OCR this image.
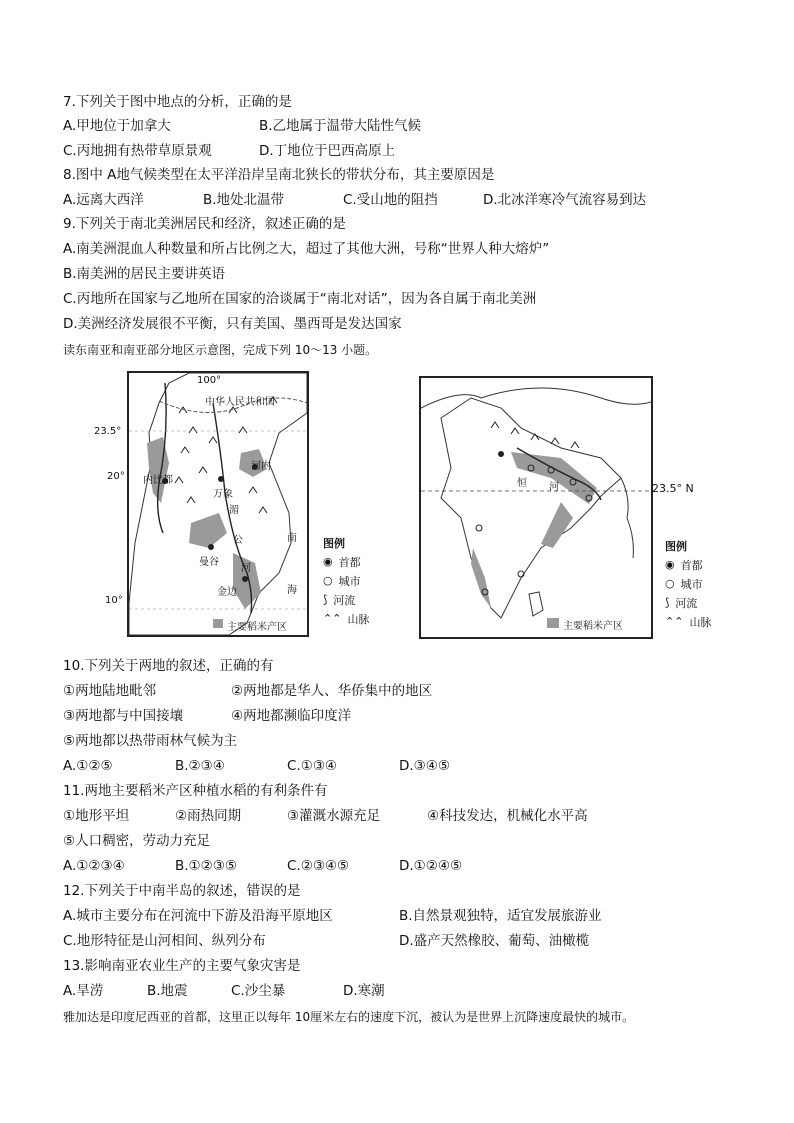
7.下列关于图中地点的分析，正确的是
A.甲地位于加拿大	B.乙地属于温带大陆性气候
C.丙地拥有热带草原景观	D.丁地位于巴西高原上
8.图中 A地气候类型在太平洋沿岸呈南北狭长的带状分布，其主要原因是
A.远离大西洋	B.地处北温带	C.受山地的阻挡	D.北冰洋寒冷气流容易到达
9.下列关于南北美洲居民和经济，叙述正确的是
A.南美洲混血人种数量和所占比例之大，超过了其他大洲，号称“世界人种大熔炉”
B.南美洲的居民主要讲英语
C.丙地所在国家与乙地所在国家的洽谈属于“南北对话”，因为各自属于南北美洲
D.美洲经济发展很不平衡，只有美国、墨西哥是发达国家
读东南亚和南亚部分地区示意图，完成下列 10～13 小题。
100°
中华人民共和国
河内
内比都
万象
湄
公
河
曼谷
金边
南
海
主要稻米产区
23.5°
20°
10°
图例
◉ 首都
○ 城市
⟆ 河流
⌃⌃ 山脉
恒 河
主要稻米产区
23.5° N
图例
◉ 首都
○ 城市
⟆ 河流
⌃⌃ 山脉
10.下列关于两地的叙述，正确的有
①两地陆地毗邻	②两地都是华人、华侨集中的地区
③两地都与中国接壤	④两地都濒临印度洋
⑤两地都以热带雨林气候为主
A.①②⑤	B.②③④	C.①③④	D.③④⑤
11.两地主要稻米产区种植水稻的有利条件有
①地形平坦	②雨热同期	③灌溉水源充足	④科技发达，机械化水平高
⑤人口稠密，劳动力充足
A.①②③④	B.①②③⑤	C.②③④⑤	D.①②④⑤
12.下列关于中南半岛的叙述，错误的是
A.城市主要分布在河流中下游及沿海平原地区	B.自然景观独特，适宜发展旅游业
C.地形特征是山河相间、纵列分布	D.盛产天然橡胶、葡萄、油橄榄
13.影响南亚农业生产的主要气象灾害是
A.旱涝	B.地震	C.沙尘暴	D.寒潮
雅加达是印度尼西亚的首都，这里正以每年 10厘米左右的速度下沉，被认为是世界上沉降速度最快的城市。
